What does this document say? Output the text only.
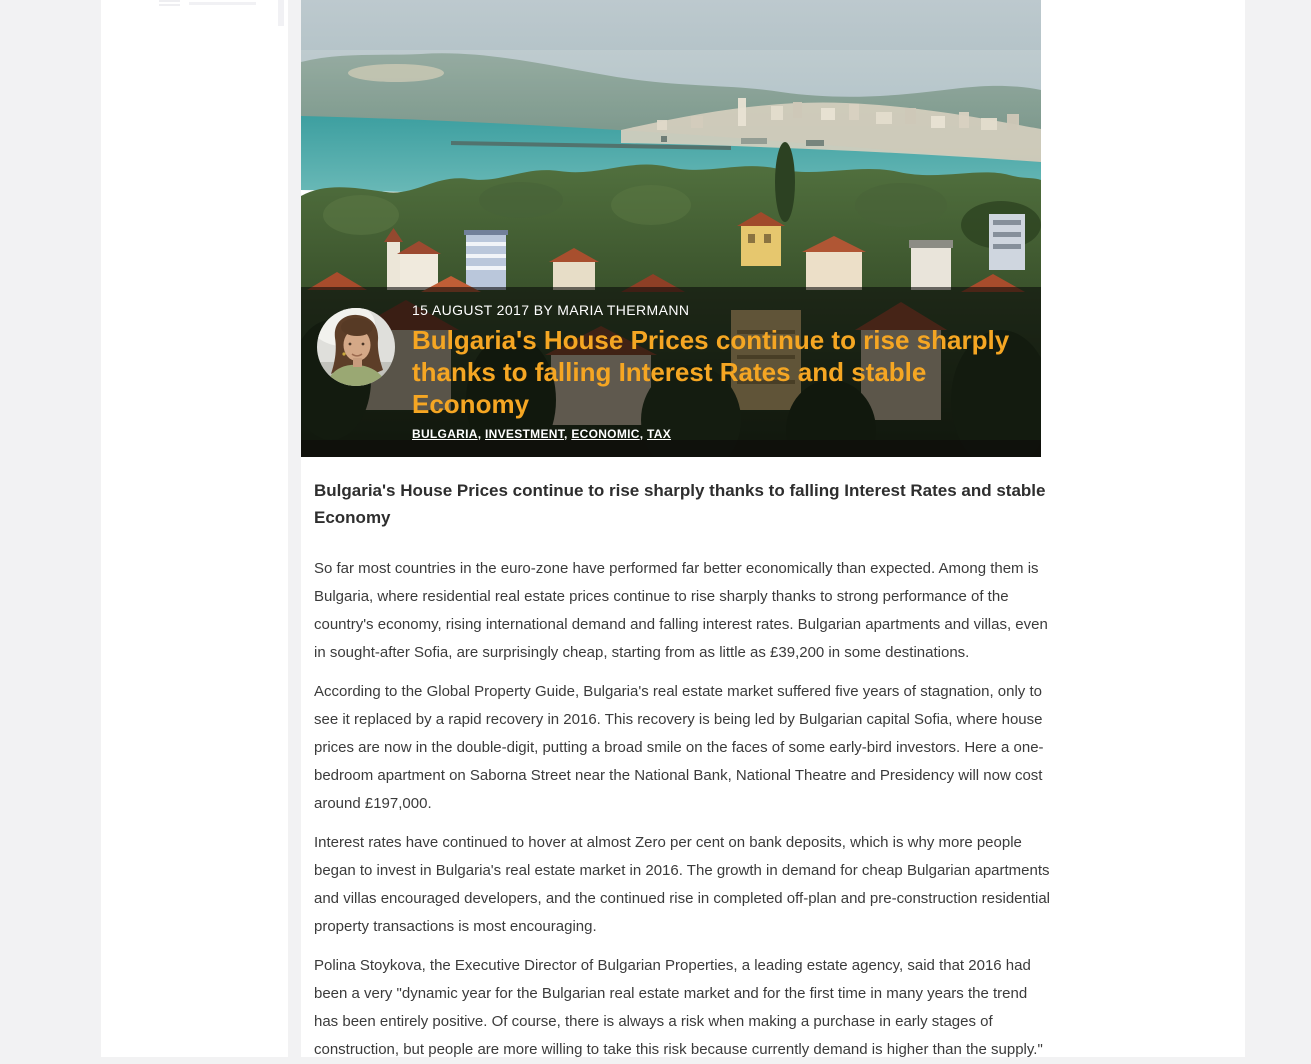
15 AUGUST 2017 BY MARIA THERMANN
Bulgaria's House Prices continue to rise sharply thanks to falling Interest Rates and stable Economy
BULGARIA, INVESTMENT, ECONOMIC, TAX
Bulgaria's House Prices continue to rise sharply thanks to falling Interest Rates and stable Economy

So far most countries in the euro-zone have performed far better economically than expected. Among them is Bulgaria, where residential real estate prices continue to rise sharply thanks to strong performance of the country's economy, rising international demand and falling interest rates. Bulgarian apartments and villas, even in sought-after Sofia, are surprisingly cheap, starting from as little as £39,200 in some destinations.

According to the Global Property Guide, Bulgaria's real estate market suffered five years of stagnation, only to see it replaced by a rapid recovery in 2016. This recovery is being led by Bulgarian capital Sofia, where house prices are now in the double-digit, putting a broad smile on the faces of some early-bird investors. Here a one-bedroom apartment on Saborna Street near the National Bank, National Theatre and Presidency will now cost around £197,000.

Interest rates have continued to hover at almost Zero per cent on bank deposits, which is why more people began to invest in Bulgaria's real estate market in 2016. The growth in demand for cheap Bulgarian apartments and villas encouraged developers, and the continued rise in completed off-plan and pre-construction residential property transactions is most encouraging.

Polina Stoykova, the Executive Director of Bulgarian Properties, a leading estate agency, said that 2016 had been a very "dynamic year for the Bulgarian real estate market and for the first time in many years the trend has been entirely positive. Of course, there is always a risk when making a purchase in early stages of construction, but people are more willing to take this risk because currently demand is higher than the supply."
